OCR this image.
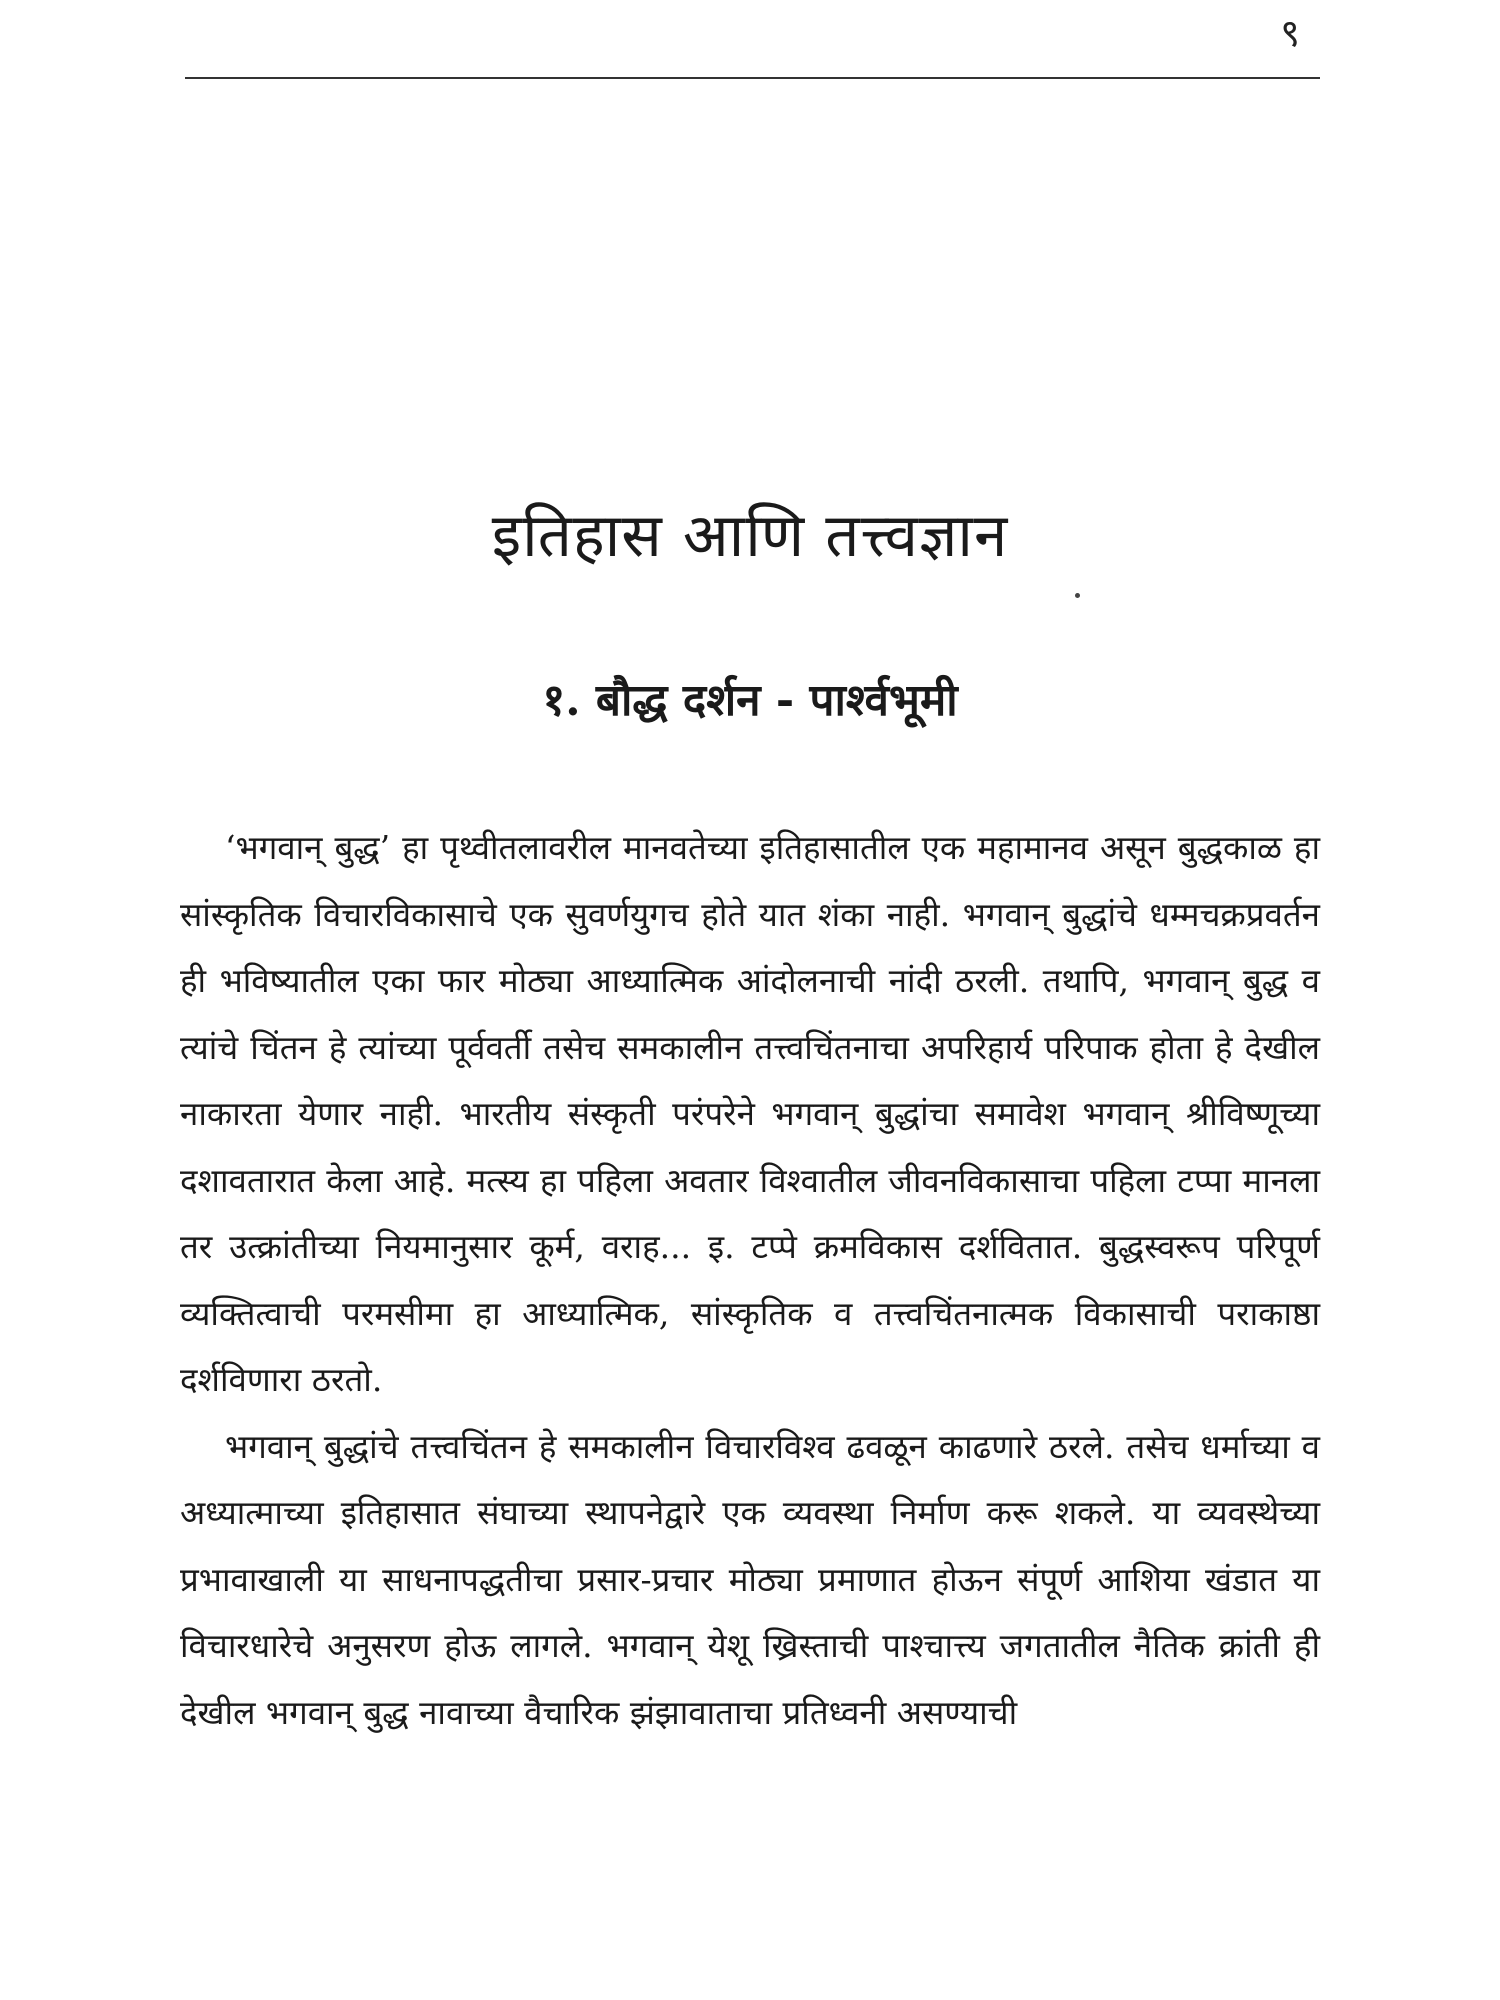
९
इतिहास आणि तत्त्वज्ञान
१. बौद्ध दर्शन - पार्श्वभूमी

‘भगवान् बुद्ध’ हा पृथ्वीतलावरील मानवतेच्या इतिहासातील एक महामानव असून बुद्धकाळ हा सांस्कृतिक विचारविकासाचे एक सुवर्णयुगच होते यात शंका नाही. भगवान् बुद्धांचे धम्मचक्रप्रवर्तन ही भविष्यातील एका फार मोठ्या आध्यात्मिक आंदोलनाची नांदी ठरली. तथापि, भगवान् बुद्ध व त्यांचे चिंतन हे त्यांच्या पूर्ववर्ती तसेच समकालीन तत्त्वचिंतनाचा अपरिहार्य परिपाक होता हे देखील नाकारता येणार नाही. भारतीय संस्कृती परंपरेने भगवान् बुद्धांचा समावेश भगवान् श्रीविष्णूच्या दशावतारात केला आहे. मत्स्य हा पहिला अवतार विश्वातील जीवनविकासाचा पहिला टप्पा मानला तर उत्क्रांतीच्या नियमानुसार कूर्म, वराह... इ. टप्पे क्रमविकास दर्शवितात. बुद्धस्वरूप परिपूर्ण व्यक्तित्वाची परमसीमा हा आध्यात्मिक, सांस्कृतिक व तत्त्वचिंतनात्मक विकासाची पराकाष्ठा दर्शविणारा ठरतो.

भगवान् बुद्धांचे तत्त्वचिंतन हे समकालीन विचारविश्व ढवळून काढणारे ठरले. तसेच धर्माच्या व अध्यात्माच्या इतिहासात संघाच्या स्थापनेद्वारे एक व्यवस्था निर्माण करू शकले. या व्यवस्थेच्या प्रभावाखाली या साधनापद्धतीचा प्रसार-प्रचार मोठ्या प्रमाणात होऊन संपूर्ण आशिया खंडात या विचारधारेचे अनुसरण होऊ लागले. भगवान् येशू ख्रिस्ताची पाश्चात्त्य जगतातील नैतिक क्रांती ही देखील भगवान् बुद्ध नावाच्या वैचारिक झंझावाताचा प्रतिध्वनी असण्याची
